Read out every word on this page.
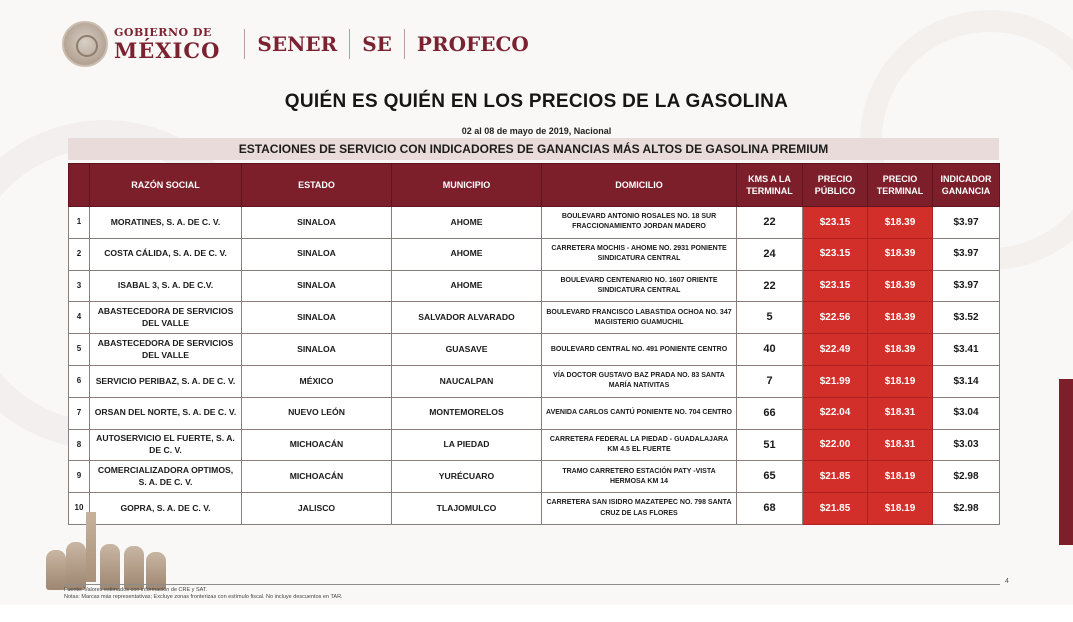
GOBIERNO DE
MÉXICO SENER SE PROFECO
QUIÉN ES QUIÉN EN LOS PRECIOS DE LA GASOLINA
02 al 08 de mayo de 2019, Nacional
ESTACIONES DE SERVICIO CON INDICADORES DE GANANCIAS MÁS ALTOS DE GASOLINA PREMIUM
	RAZÓN SOCIAL	ESTADO	MUNICIPIO	DOMICILIO	KMS A LA TERMINAL	PRECIO PÚBLICO	PRECIO TERMINAL	INDICADOR GANANCIA
1	MORATINES, S. A. DE C. V.	SINALOA	AHOME	BOULEVARD ANTONIO ROSALES NO. 18 SUR FRACCIONAMIENTO JORDAN MADERO	22	$23.15	$18.39	$3.97
2	COSTA CÁLIDA, S. A. DE C. V.	SINALOA	AHOME	CARRETERA MOCHIS - AHOME NO. 2931 PONIENTE SINDICATURA CENTRAL	24	$23.15	$18.39	$3.97
3	ISABAL 3, S. A. DE C.V.	SINALOA	AHOME	BOULEVARD CENTENARIO NO. 1607 ORIENTE SINDICATURA CENTRAL	22	$23.15	$18.39	$3.97
4	ABASTECEDORA DE SERVICIOS DEL VALLE	SINALOA	SALVADOR ALVARADO	BOULEVARD FRANCISCO LABASTIDA OCHOA NO. 347 MAGISTERIO GUAMUCHIL	5	$22.56	$18.39	$3.52
5	ABASTECEDORA DE SERVICIOS DEL VALLE	SINALOA	GUASAVE	BOULEVARD CENTRAL NO. 491 PONIENTE CENTRO	40	$22.49	$18.39	$3.41
6	SERVICIO PERIBAZ, S. A. DE C. V.	MÉXICO	NAUCALPAN	VÍA DOCTOR GUSTAVO BAZ PRADA NO. 83 SANTA MARÍA NATIVITAS	7	$21.99	$18.19	$3.14
7	ORSAN DEL NORTE, S. A. DE C. V.	NUEVO LEÓN	MONTEMORELOS	AVENIDA CARLOS CANTÚ PONIENTE NO. 704 CENTRO	66	$22.04	$18.31	$3.04
8	AUTOSERVICIO EL FUERTE, S. A. DE C. V.	MICHOACÁN	LA PIEDAD	CARRETERA FEDERAL LA PIEDAD - GUADALAJARA KM 4.5 EL FUERTE	51	$22.00	$18.31	$3.03
9	COMERCIALIZADORA OPTIMOS, S. A. DE C. V.	MICHOACÁN	YURÉCUARO	TRAMO CARRETERO ESTACIÓN PATY -VISTA HERMOSA KM 14	65	$21.85	$18.19	$2.98
10	GOPRA, S. A. DE C. V.	JALISCO	TLAJOMULCO	CARRETERA SAN ISIDRO MAZATEPEC NO. 798 SANTA CRUZ DE LAS FLORES	68	$21.85	$18.19	$2.98
4
Fuente: Valores estimados con información de CRE y SAT.
Notas: Marcas más representativas; Excluye zonas fronterizas con estímulo fiscal. No incluye descuentos en TAR.
